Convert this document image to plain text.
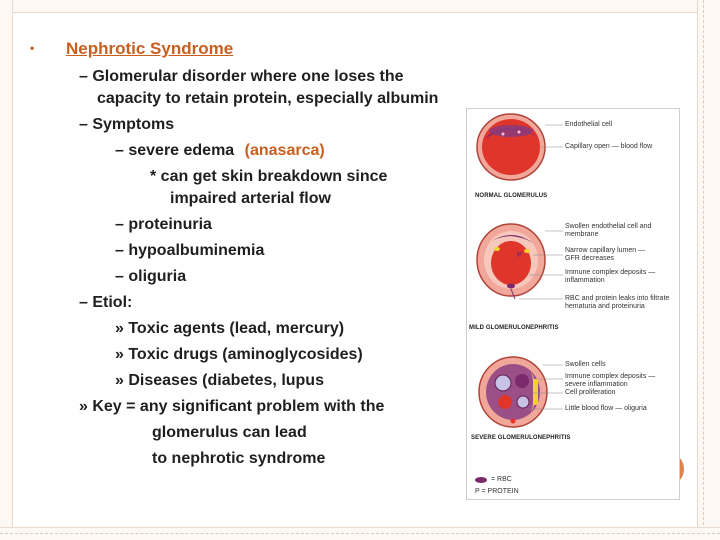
• Nephrotic Syndrome
– Glomerular disorder where one loses the
capacity to retain protein, especially albumin
– Symptoms
– severe edema (anasarca)
* can get skin breakdown since
impaired arterial flow
– proteinuria
– hypoalbuminemia
– oliguria
– Etiol:
» Toxic agents (lead, mercury)
» Toxic drugs (aminoglycosides)
» Diseases (diabetes, lupus
» Key = any significant problem with the
glomerulus can lead
to nephrotic syndrome
Endothelial cell
Capillary open — blood flow
NORMAL GLOMERULUS
Swollen endothelial cell and
membrane
Narrow capillary lumen —
GFR decreases
Immune complex deposits —
inflammation
RBC and protein leaks into filtrate
hematuria and proteinuria
P
MILD GLOMERULONEPHRITIS
Swollen cells
Immune complex deposits —
severe inflammation
Cell proliferation
Little blood flow — oliguria
SEVERE GLOMERULONEPHRITIS
= RBC
P = PROTEIN
